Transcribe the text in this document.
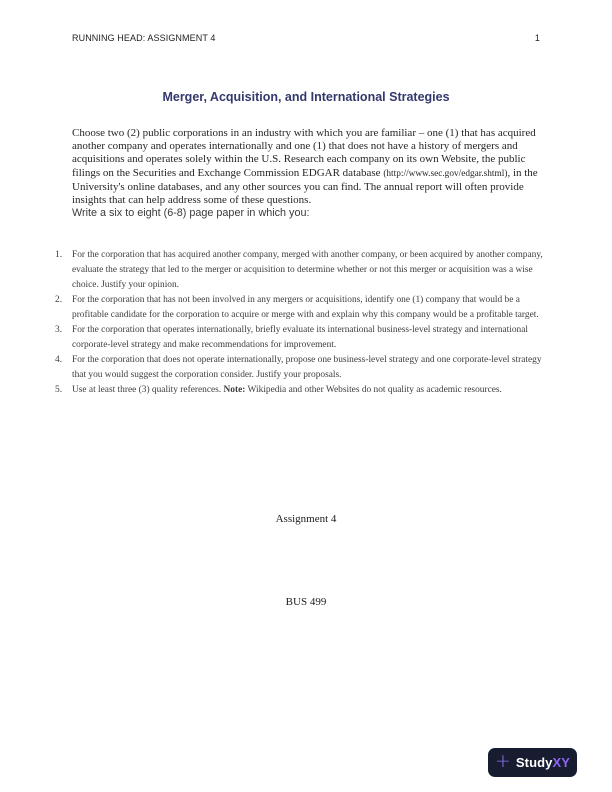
RUNNING HEAD: ASSIGNMENT 4	1
Merger, Acquisition, and International Strategies
Choose two (2) public corporations in an industry with which you are familiar – one (1) that has acquired another company and operates internationally and one (1) that does not have a history of mergers and acquisitions and operates solely within the U.S. Research each company on its own Website, the public filings on the Securities and Exchange Commission EDGAR database (http://www.sec.gov/edgar.shtml), in the University's online databases, and any other sources you can find. The annual report will often provide insights that can help address some of these questions.
Write a six to eight (6-8) page paper in which you:
1.	For the corporation that has acquired another company, merged with another company, or been acquired by another company, evaluate the strategy that led to the merger or acquisition to determine whether or not this merger or acquisition was a wise choice. Justify your opinion.
2.	For the corporation that has not been involved in any mergers or acquisitions, identify one (1) company that would be a profitable candidate for the corporation to acquire or merge with and explain why this company would be a profitable target.
3.	For the corporation that operates internationally, briefly evaluate its international business-level strategy and international corporate-level strategy and make recommendations for improvement.
4.	For the corporation that does not operate internationally, propose one business-level strategy and one corporate-level strategy that you would suggest the corporation consider. Justify your proposals.
5.	Use at least three (3) quality references. Note: Wikipedia and other Websites do not quality as academic resources.
Assignment 4
BUS 499
+ StudyXY
